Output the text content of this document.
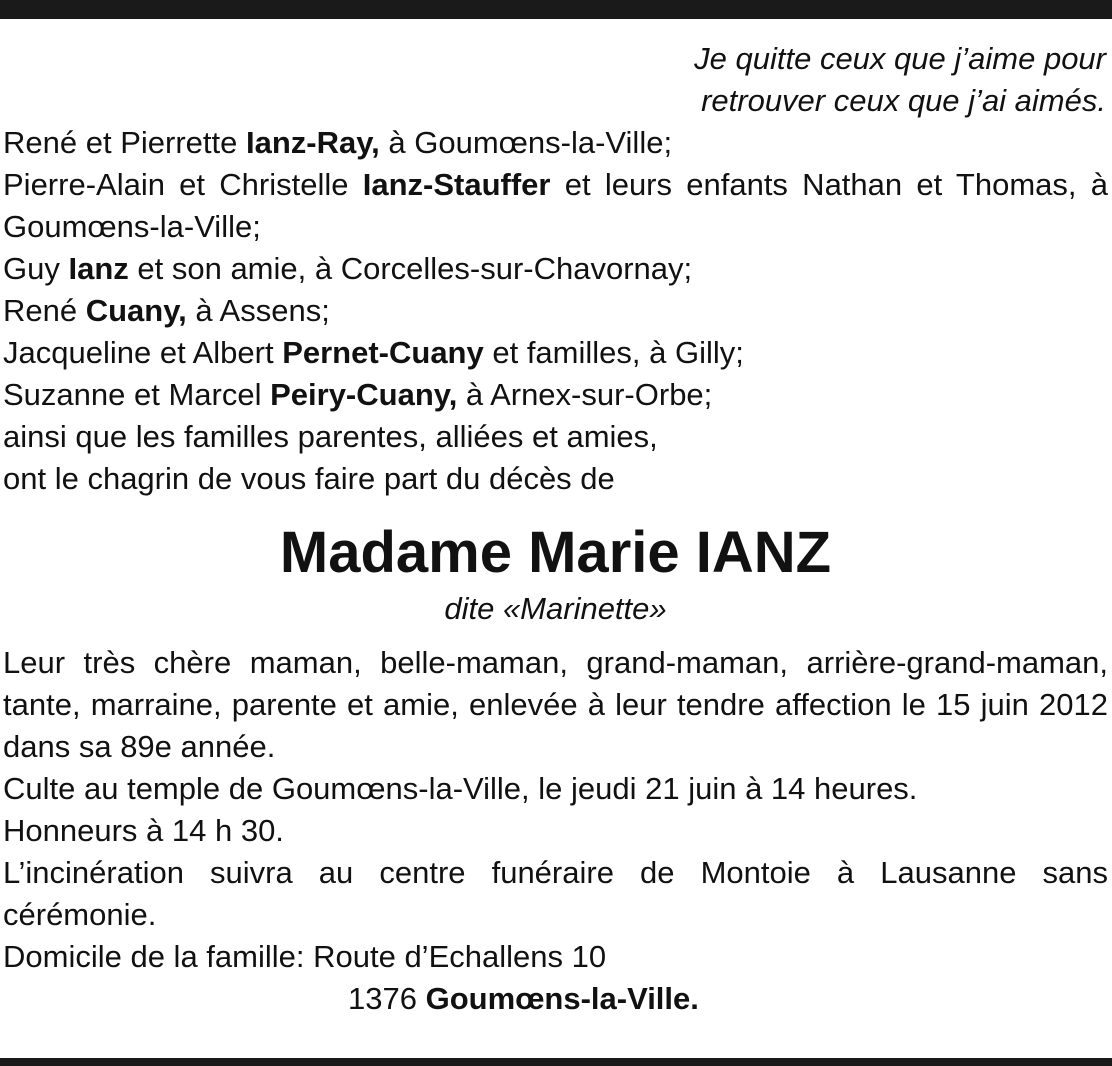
Je quitte ceux que j’aime pour
retrouver ceux que j’ai aimés.
René et Pierrette Ianz-Ray, à Goumœns-la-Ville;
Pierre-Alain et Christelle Ianz-Stauffer et leurs enfants Nathan et Thomas, à Goumœns-la-Ville;
Guy Ianz et son amie, à Corcelles-sur-Chavornay;
René Cuany, à Assens;
Jacqueline et Albert Pernet-Cuany et familles, à Gilly;
Suzanne et Marcel Peiry-Cuany, à Arnex-sur-Orbe;
ainsi que les familles parentes, alliées et amies,
ont le chagrin de vous faire part du décès de
Madame Marie IANZ
dite «Marinette»
Leur très chère maman, belle-maman, grand-maman, arrière-grand-maman, tante, marraine, parente et amie, enlevée à leur tendre affection le 15 juin 2012 dans sa 89e année.
Culte au temple de Goumœns-la-Ville, le jeudi 21 juin à 14 heures.
Honneurs à 14 h 30.
L’incinération suivra au centre funéraire de Montoie à Lausanne sans cérémonie.
Domicile de la famille: Route d’Echallens 10
1376 Goumœns-la-Ville.
